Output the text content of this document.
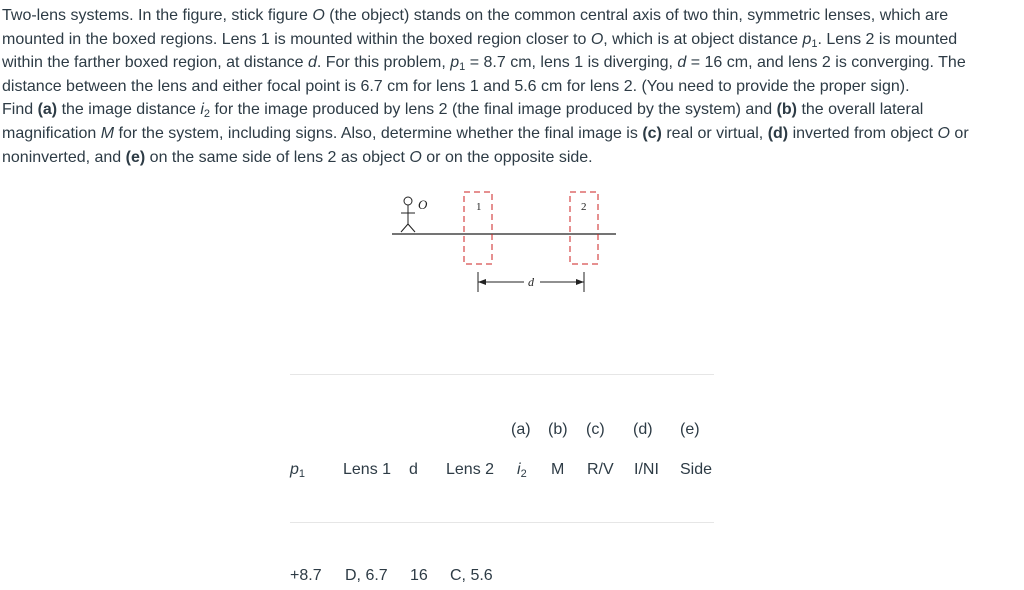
Two-lens systems. In the figure, stick figure O (the object) stands on the common central axis of two thin, symmetric lenses, which are mounted in the boxed regions. Lens 1 is mounted within the boxed region closer to O, which is at object distance $p_1$. Lens 2 is mounted within the farther boxed region, at distance d. For this problem, $p_1 = 8.7$ cm, lens 1 is diverging, d = 16 cm, and lens 2 is converging. The distance between the lens and either focal point is 6.7 cm for lens 1 and 5.6 cm for lens 2. (You need to provide the proper sign).

Find (a) the image distance $i_2$ for the image produced by lens 2 (the final image produced by the system) and (b) the overall lateral magnification M for the system, including signs. Also, determine whether the final image is (c) real or virtual, (d) inverted from object O or noninverted, and (e) on the same side of lens 2 as object O or on the opposite side.

O	1	2
d
(a) (b) (c) (d) (e)
$p_1$ Lens 1 d Lens 2 $i_2$ M R/V I/NI Side
+8.7 D, 6.7 16 C, 5.6
